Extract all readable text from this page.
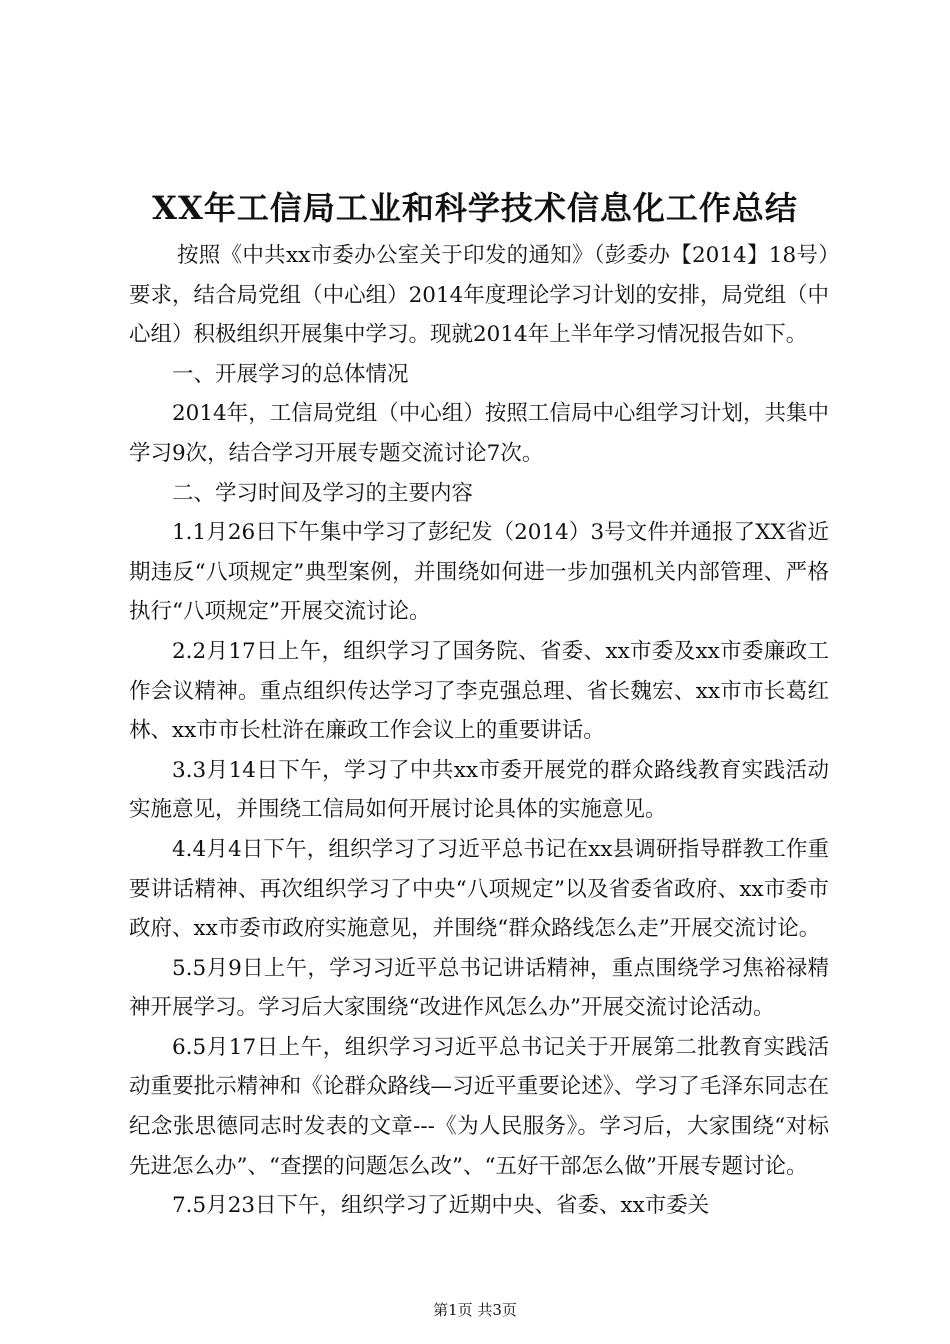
XX年工信局工业和科学技术信息化工作总结

按照《中共xx市委办公室关于印发的通知》（彭委办【2014】18号）要求，结合局党组（中心组）2014年度理论学习计划的安排，局党组（中心组）积极组织开展集中学习。现就2014年上半年学习情况报告如下。

一、开展学习的总体情况

2014年，工信局党组（中心组）按照工信局中心组学习计划，共集中学习9次，结合学习开展专题交流讨论7次。

二、学习时间及学习的主要内容

1.1月26日下午集中学习了彭纪发（2014）3号文件并通报了XX省近期违反“八项规定”典型案例，并围绕如何进一步加强机关内部管理、严格执行“八项规定”开展交流讨论。

2.2月17日上午，组织学习了国务院、省委、xx市委及xx市委廉政工作会议精神。重点组织传达学习了李克强总理、省长魏宏、xx市市长葛红林、xx市市长杜浒在廉政工作会议上的重要讲话。

3.3月14日下午，学习了中共xx市委开展党的群众路线教育实践活动实施意见，并围绕工信局如何开展讨论具体的实施意见。

4.4月4日下午，组织学习了习近平总书记在xx县调研指导群教工作重要讲话精神、再次组织学习了中央“八项规定”以及省委省政府、xx市委市政府、xx市委市政府实施意见，并围绕“群众路线怎么走”开展交流讨论。

5.5月9日上午，学习习近平总书记讲话精神，重点围绕学习焦裕禄精神开展学习。学习后大家围绕“改进作风怎么办”开展交流讨论活动。

6.5月17日上午，组织学习习近平总书记关于开展第二批教育实践活动重要批示精神和《论群众路线—习近平重要论述》、学习了毛泽东同志在纪念张思德同志时发表的文章---《为人民服务》。学习后，大家围绕“对标先进怎么办”、“查摆的问题怎么改”、“五好干部怎么做”开展专题讨论。

7.5月23日下午，组织学习了近期中央、省委、xx市委关

第1页 共3页
